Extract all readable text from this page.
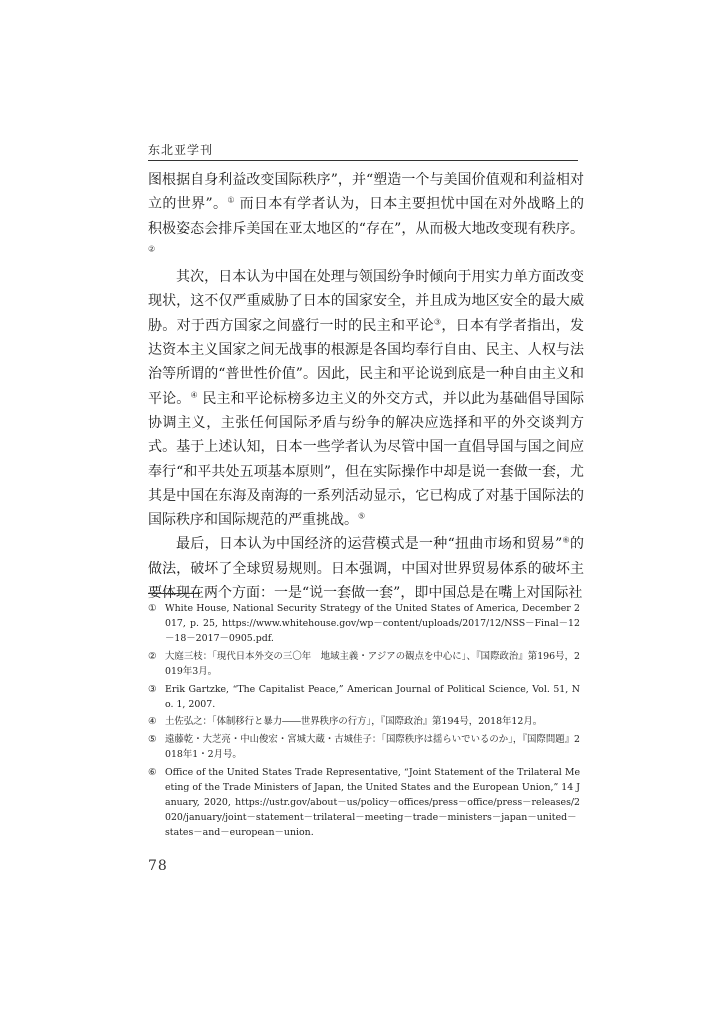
东北亚学刊

图根据自身利益改变国际秩序”，并“塑造一个与美国价值观和利益相对立的世界”。① 而日本有学者认为，日本主要担忧中国在对外战略上的积极姿态会排斥美国在亚太地区的“存在”，从而极大地改变现有秩序。②

其次，日本认为中国在处理与领国纷争时倾向于用实力单方面改变现状，这不仅严重威胁了日本的国家安全，并且成为地区安全的最大威胁。对于西方国家之间盛行一时的民主和平论③，日本有学者指出，发达资本主义国家之间无战事的根源是各国均奉行自由、民主、人权与法治等所谓的“普世性价值”。因此，民主和平论说到底是一种自由主义和平论。④ 民主和平论标榜多边主义的外交方式，并以此为基础倡导国际协调主义，主张任何国际矛盾与纷争的解决应选择和平的外交谈判方式。基于上述认知，日本一些学者认为尽管中国一直倡导国与国之间应奉行“和平共处五项基本原则”，但在实际操作中却是说一套做一套，尤其是中国在东海及南海的一系列活动显示，它已构成了对基于国际法的国际秩序和国际规范的严重挑战。⑤

最后，日本认为中国经济的运营模式是一种“扭曲市场和贸易”⑥的做法，破坏了全球贸易规则。日本强调，中国对世界贸易体系的破坏主要体现在两个方面：一是“说一套做一套”，即中国总是在嘴上对国际社

① White House, National Security Strategy of the United States of America, December 2017, p. 25, https://www.whitehouse.gov/wp－content/uploads/2017/12/NSS－Final－12－18－2017－0905.pdf.
② 大庭三枝：「現代日本外交の三〇年　地域主義・アジアの観点を中心に」、『国際政治』第196号，2019年3月。
③ Erik Gartzke, “The Capitalist Peace,” American Journal of Political Science, Vol. 51, No. 1, 2007.
④ 土佐弘之：「体制移行と暴力――世界秩序の行方」，『国際政治』第194号，2018年12月。
⑤ 遠藤乾・大芝亮・中山俊宏・宮城大蔵・古城佳子：「国際秩序は揺らいでいるのか」，『国際問題』2018年1・2月号。
⑥ Office of the United States Trade Representative, “Joint Statement of the Trilateral Meeting of the Trade Ministers of Japan, the United States and the European Union,” 14 January, 2020, https://ustr.gov/about－us/policy－offices/press－office/press－releases/2020/january/joint－statement－trilateral－meeting－trade－ministers－japan－united－states－and－european－union.
78
